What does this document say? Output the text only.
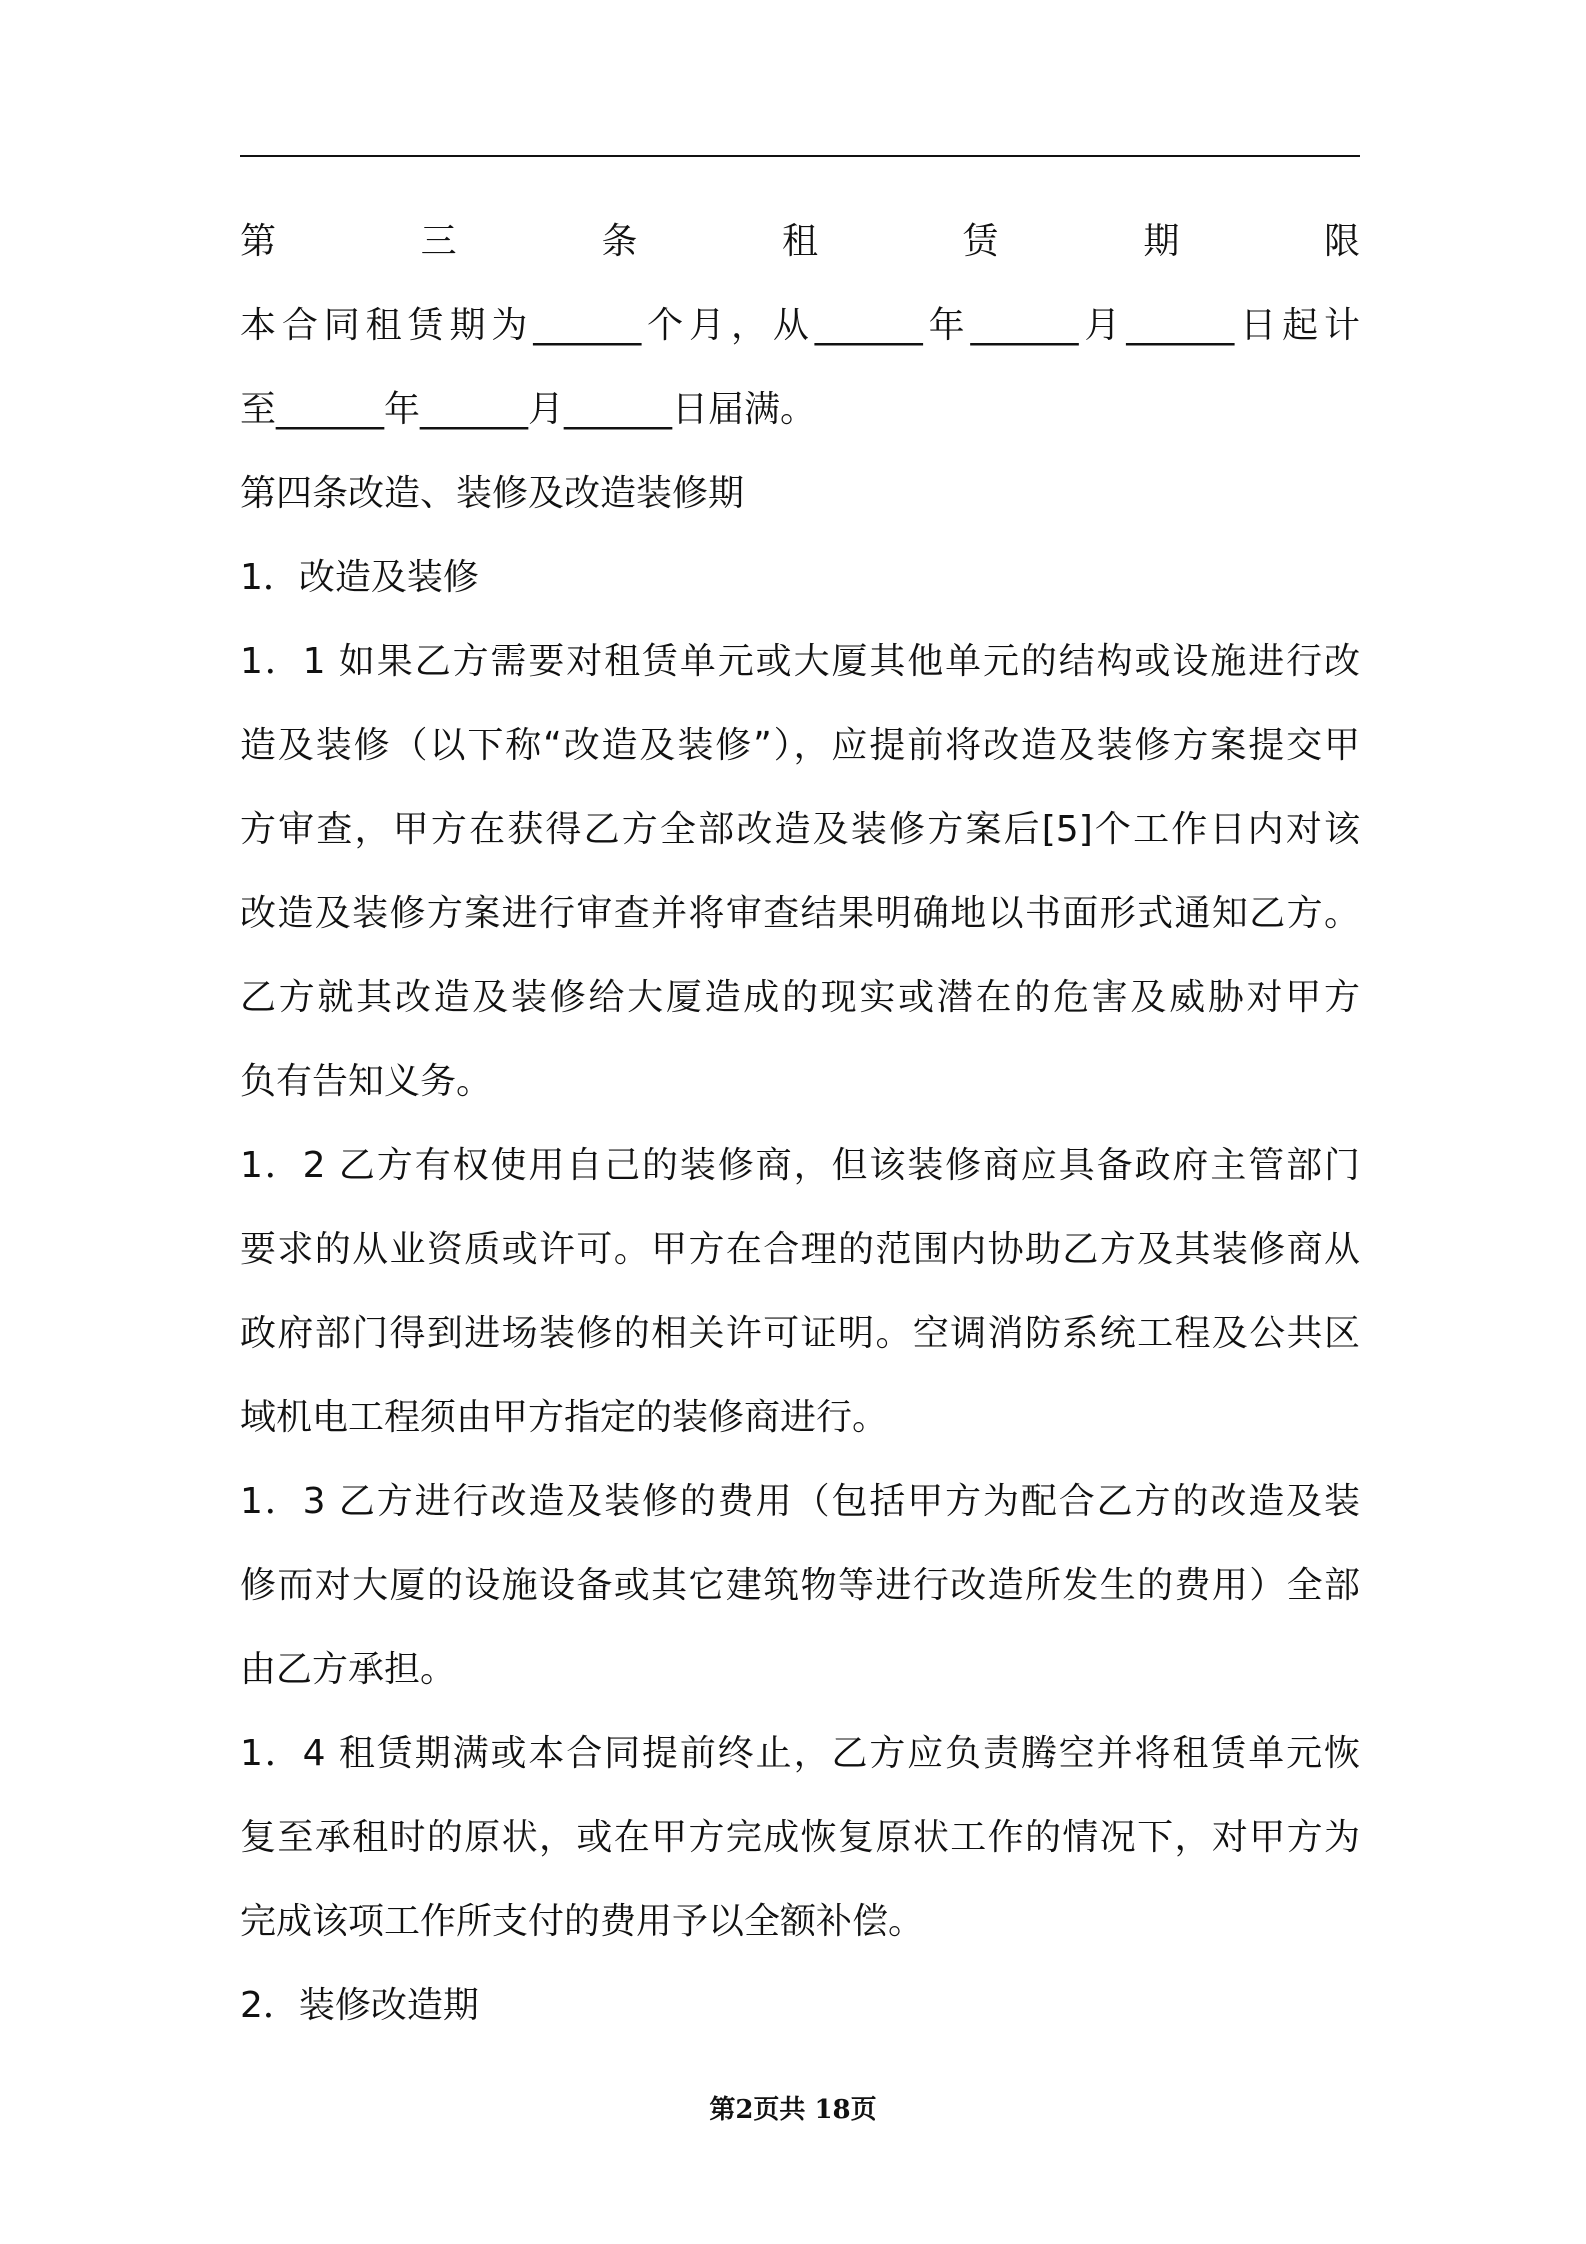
第三条租赁期限
本合同租赁期为______个月，从______年______月______日起计
至______年______月______日届满。
第四条改造、装修及改造装修期
1．改造及装修
1．1 如果乙方需要对租赁单元或大厦其他单元的结构或设施进行改
造及装修（以下称“改造及装修”），应提前将改造及装修方案提交甲
方审查，甲方在获得乙方全部改造及装修方案后[5]个工作日内对该
改造及装修方案进行审查并将审查结果明确地以书面形式通知乙方。
乙方就其改造及装修给大厦造成的现实或潜在的危害及威胁对甲方
负有告知义务。
1．2 乙方有权使用自己的装修商，但该装修商应具备政府主管部门
要求的从业资质或许可。甲方在合理的范围内协助乙方及其装修商从
政府部门得到进场装修的相关许可证明。空调消防系统工程及公共区
域机电工程须由甲方指定的装修商进行。
1．3 乙方进行改造及装修的费用（包括甲方为配合乙方的改造及装
修而对大厦的设施设备或其它建筑物等进行改造所发生的费用）全部
由乙方承担。
1．4 租赁期满或本合同提前终止，乙方应负责腾空并将租赁单元恢
复至承租时的原状，或在甲方完成恢复原状工作的情况下，对甲方为
完成该项工作所支付的费用予以全额补偿。
2．装修改造期
第2页共 18页
